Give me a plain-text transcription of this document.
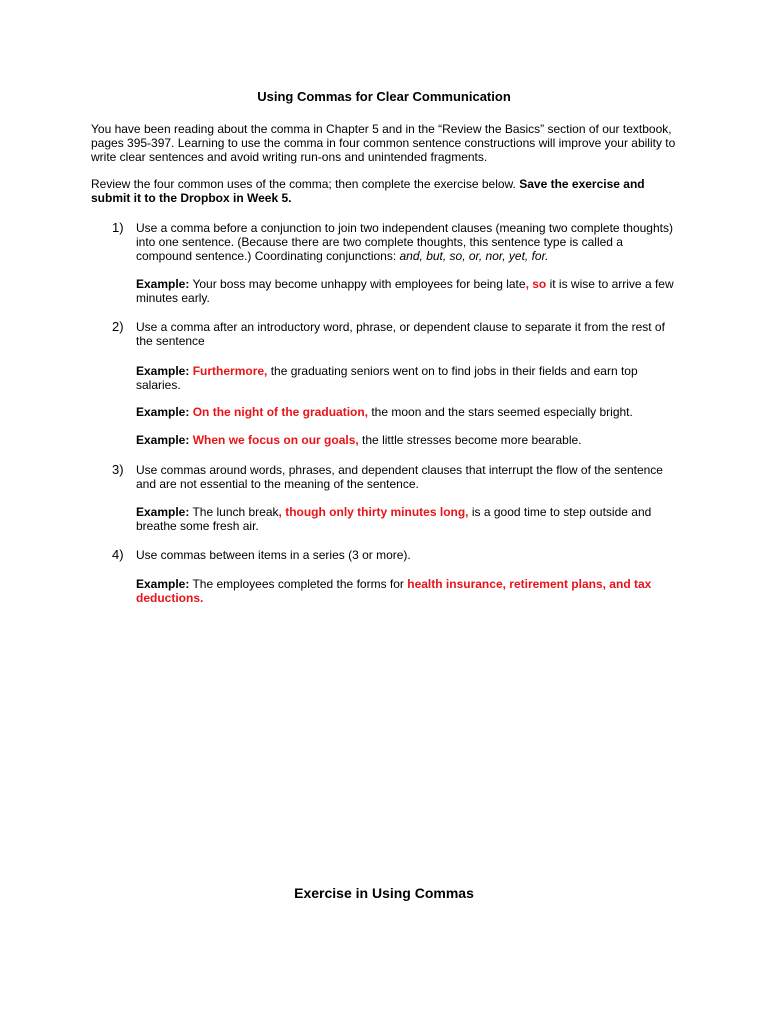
Using Commas for Clear Communication
You have been reading about the comma in Chapter 5 and in the “Review the Basics” section of our textbook, pages 395-397. Learning to use the comma in four common sentence constructions will improve your ability to write clear sentences and avoid writing run-ons and unintended fragments.
Review the four common uses of the comma; then complete the exercise below. Save the exercise and submit it to the Dropbox in Week 5.
1)	Use a comma before a conjunction to join two independent clauses (meaning two complete thoughts) into one sentence. (Because there are two complete thoughts, this sentence type is called a compound sentence.) Coordinating conjunctions: and, but, so, or, nor, yet, for.
Example: Your boss may become unhappy with employees for being late, so it is wise to arrive a few minutes early.
2)	Use a comma after an introductory word, phrase, or dependent clause to separate it from the rest of the sentence
Example: Furthermore, the graduating seniors went on to find jobs in their fields and earn top salaries.
Example: On the night of the graduation, the moon and the stars seemed especially bright.
Example: When we focus on our goals, the little stresses become more bearable.
3)	Use commas around words, phrases, and dependent clauses that interrupt the flow of the sentence and are not essential to the meaning of the sentence.
Example: The lunch break, though only thirty minutes long, is a good time to step outside and breathe some fresh air.
4)	Use commas between items in a series (3 or more).
Example: The employees completed the forms for health insurance, retirement plans, and tax deductions.
Exercise in Using Commas
